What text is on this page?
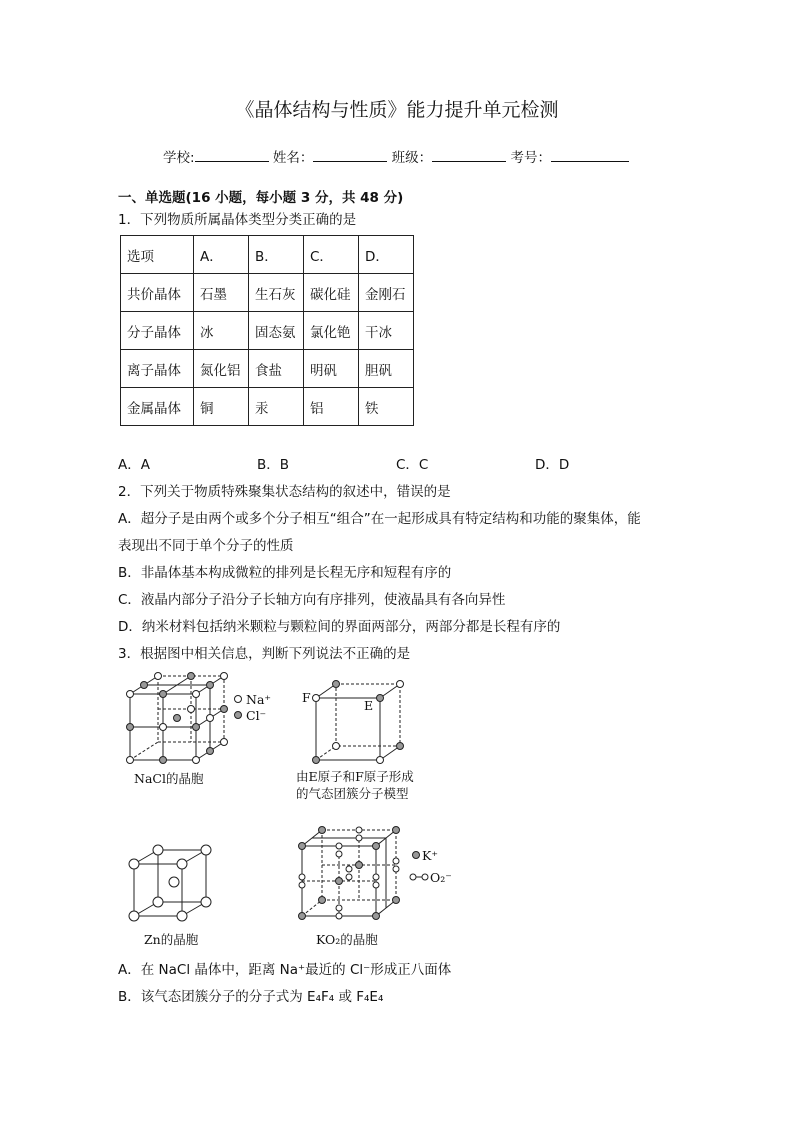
《晶体结构与性质》能力提升单元检测
学校:	姓名：	班级：	考号：
一、单选题(16 小题，每小题 3 分，共 48 分)
1．下列物质所属晶体类型分类正确的是
选项	A．	B．	C．	D．
共价晶体	石墨	生石灰	碳化硅	金刚石
分子晶体	冰	固态氨	氯化铯	干冰
离子晶体	氮化铝	食盐	明矾	胆矾
金属晶体	铜	汞	铝	铁
A．A	B．B	C．C	D．D
2．下列关于物质特殊聚集状态结构的叙述中，错误的是
A．超分子是由两个或多个分子相互“组合”在一起形成具有特定结构和功能的聚集体，能
表现出不同于单个分子的性质
B．非晶体基本构成微粒的排列是长程无序和短程有序的
C．液晶内部分子沿分子长轴方向有序排列，使液晶具有各向异性
D．纳米材料包括纳米颗粒与颗粒间的界面两部分，两部分都是长程有序的
3．根据图中相关信息，判断下列说法不正确的是
Na⁺
Cl⁻
NaCl的晶胞
F
E
由E原子和F原子形成
的气态团簇分子模型
Zn的晶胞
K⁺
O₂⁻
KO₂的晶胞
A．在 NaCl 晶体中，距离 Na⁺最近的 Cl⁻形成正八面体
B．该气态团簇分子的分子式为 E₄F₄ 或 F₄E₄
